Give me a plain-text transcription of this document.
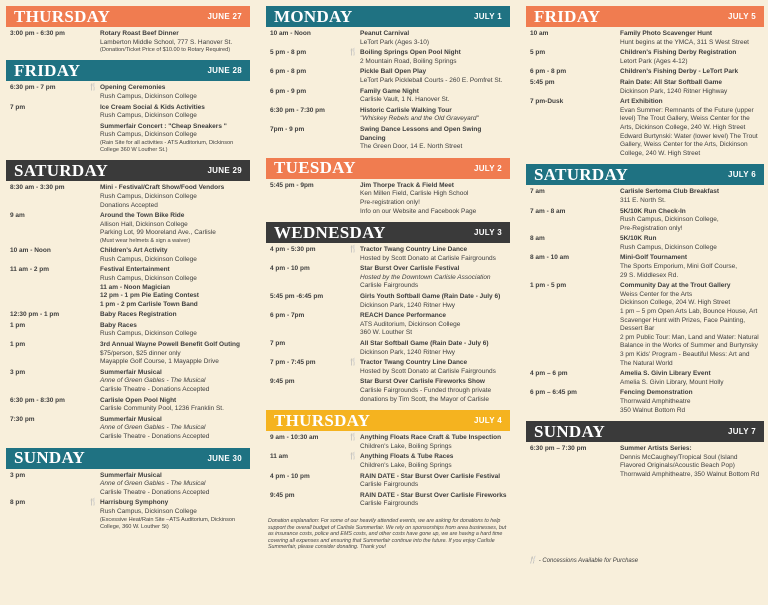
THURSDAY	JUNE 27
3:00 pm - 6:30 pm	Rotary Roast Beef Dinner
Lamberton Middle School, 777 S. Hanover St.
(Donation/Ticket Price of $10.00 to Rotary Required)
FRIDAY	JUNE 28
6:30 pm - 7 pm	🍴 Opening Ceremonies
Rush Campus, Dickinson College
7 pm	Ice Cream Social & Kids Activities
Rush Campus, Dickinson College
Summerfair Concert : "Cheap Sneakers "
Rush Campus, Dickinson College
(Rain Site for all activities - ATS Auditorium, Dickinson College 360 W Louther St.)
SATURDAY	JUNE 29
8:30 am - 3:30 pm	Mini - Festival/Craft Show/Food Vendors
Rush Campus, Dickinson College
Donations Accepted
9 am	Around the Town Bike Ride
Allison Hall, Dickinson College
Parking Lot, 99 Mooreland Ave., Carlisle
(Must wear helmets & sign a waiver)
10 am - Noon	Children's Art Activity
Rush Campus, Dickinson College
11 am - 2 pm	Festival Entertainment
Rush Campus, Dickinson College
11 am - Noon Magician
12 pm - 1 pm Pie Eating Contest
1 pm - 2 pm Carlisle Town Band
12:30 pm - 1 pm	Baby Races Registration
1 pm	Baby Races
Rush Campus, Dickinson College
1 pm	3rd Annual Wayne Powell Benefit Golf Outing
$75/person, $25 dinner only
Mayapple Golf Course, 1 Mayapple Drive
3 pm	Summerfair Musical
Anne of Green Gables - The Musical
Carlisle Theatre - Donations Accepted
6:30 pm - 8:30 pm	Carlisle Open Pool Night
Carlisle Community Pool, 1236 Franklin St.
7:30 pm	Summerfair Musical
Anne of Green Gables - The Musical
Carlisle Theatre - Donations Accepted
SUNDAY	JUNE 30
3 pm	Summerfair Musical
Anne of Green Gables - The Musical
Carlisle Theatre - Donations Accepted
8 pm	🍴 Harrisburg Symphony
Rush Campus, Dickinson College
(Excessive Heat/Rain Site –ATS Auditorium, Dickinson College, 360 W. Louther St)
MONDAY	JULY 1
10 am - Noon	Peanut Carnival
LeTort Park (Ages 3-10)
5 pm - 8 pm	🍴 Boiling Springs Open Pool Night
2 Mountain Road, Boiling Springs
6 pm - 8 pm	Pickle Ball Open Play
LeTort Park Pickleball Courts - 260 E. Pomfret St.
6 pm - 9 pm	Family Game Night
Carlisle Vault, 1 N. Hanover St.
6:30 pm - 7:30 pm	Historic Carlisle Walking Tour
"Whiskey Rebels and the Old Graveyard"
7pm - 9 pm	Swing Dance Lessons and Open Swing Dancing
The Green Door, 14 E. North Street
TUESDAY	JULY 2
5:45 pm - 9pm	Jim Thorpe Track & Field Meet
Ken Millen Field, Carlisle High School
Pre-registration only!
Info on our Website and Facebook Page
WEDNESDAY	JULY 3
4 pm - 5:30 pm	🍴 Tractor Twang Country Line Dance
Hosted by Scott Donato at Carlisle Fairgrounds
4 pm - 10 pm	Star Burst Over Carlisle Festival
Hosted by the Downtown Carlisle Association
Carlisle Fairgrounds
5:45 pm -6:45 pm	Girls Youth Softball Game (Rain Date - July 6)
Dickinson Park, 1240 Ritner Hwy
6 pm - 7pm	REACH Dance Performance
ATS Auditorium, Dickinson College
360 W. Louther St
7 pm	All Star Softball Game (Rain Date - July 6)
Dickinson Park, 1240 Ritner Hwy
7 pm - 7:45 pm	🍴 Tractor Twang Country Line Dance
Hosted by Scott Donato at Carlisle Fairgrounds
9:45 pm	Star Burst Over Carlisle Fireworks Show
Carlisle Fairgrounds - Funded through private
donations by Tim Scott, the Mayor of Carlisle
THURSDAY	JULY 4
9 am - 10:30 am	🍴 Anything Floats Race Craft & Tube Inspection
Children's Lake, Boiling Springs
11 am	🍴 Anything Floats & Tube Races
Children's Lake, Boiling Springs
4 pm - 10 pm	RAIN DATE - Star Burst Over Carlisle Festival
Carlisle Fairgrounds
9:45 pm	RAIN DATE - Star Burst Over Carlisle Fireworks
Carlisle Fairgrounds
Donation explanation: For some of our heavily attended events, we are asking for donations to help support the overall budget of Carlisle Summerfair. We rely on sponsorships from area businesses, but as insurance costs, police and EMS costs, and other costs have gone up, we are having a hard time covering all expenses and ensuring that Summerfair continue into the future. If you enjoy Carlisle Summerfair, please consider donating. Thank you!
FRIDAY	JULY 5
10 am	Family Photo Scavenger Hunt
Hunt begins at the YMCA, 311 S West Street
5 pm	Children's Fishing Derby Registration
Letort Park (Ages 4-12)
6 pm - 8 pm	Children's Fishing Derby - LeTort Park
5:45 pm	Rain Date: All Star Softball Game
Dickinson Park, 1240 Ritner Highway
7 pm-Dusk	Art Exhibition
Evan Summer: Remnants of the Future (upper level) The Trout Gallery, Weiss Center for the Arts, Dickinson College, 240 W. High Street
Edward Burtynski: Water (lower level) The Trout Gallery, Weiss Center for the Arts, Dickinson College, 240 W. High Street
SATURDAY	JULY 6
7 am	Carlisle Sertoma Club Breakfast
311 E. North St.
7 am - 8 am	5K/10K Run Check-In
Rush Campus, Dickinson College,
Pre-Registration only!
8 am	5K/10K Run
Rush Campus, Dickinson College
8 am - 10 am	Mini-Golf Tournament
The Sports Emporium, Mini Golf Course,
29 S. Middlesex Rd.
1 pm - 5 pm	Community Day at the Trout Gallery
Weiss Center for the Arts
Dickinson College, 204 W. High Street
1 pm – 5 pm Open Arts Lab, Bounce House, Art Scavenger Hunt with Prizes, Face Painting, Dessert Bar
2 pm Public Tour: Man, Land and Water: Natural Balance in the Works of Summer and Burtynsky
3 pm Kids' Program - Beautiful Mess: Art and The Natural World
4 pm – 6 pm	Amelia S. Givin Library Event
Amelia S. Givin Library, Mount Holly
6 pm – 6:45 pm	Fencing Demonstration
Thornwald Amphitheatre
350 Walnut Bottom Rd
SUNDAY	JULY 7
6:30 pm – 7:30 pm	Summer Artists Series:
Dennis McCaughey/Tropical Soul (Island Flavored Originals/Acoustic Beach Pop)
Thornwald Amphitheatre, 350 Walnut Bottom Rd
🍴 - Concessions Available for Purchase
